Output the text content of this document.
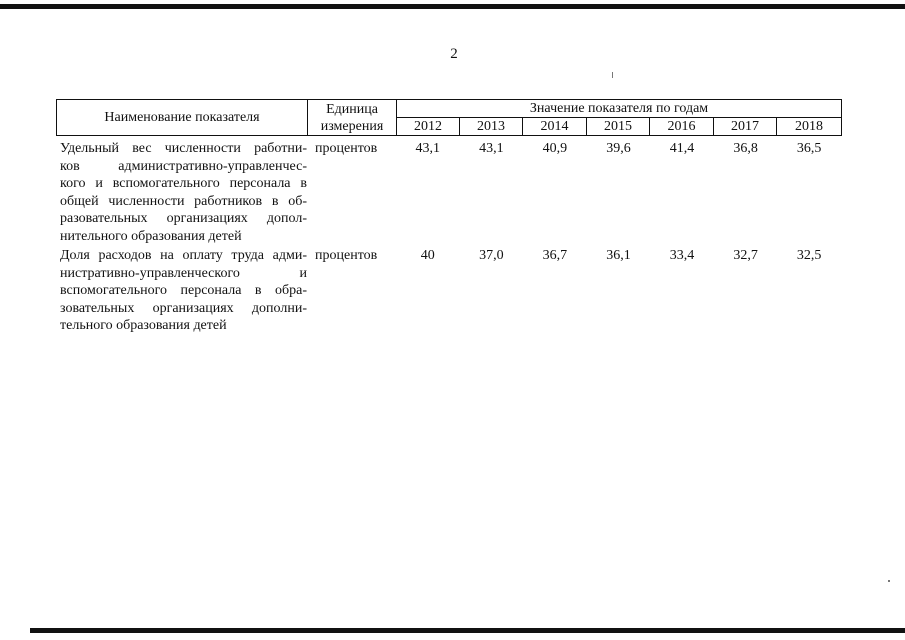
2
Наименование показателя	Единица
измерения	Значение показателя по годам						
		2012	2013	2014	2015	2016	2017	2018
Удельный вес численности работни-
ков административно-управленчес-
кого и вспомогательного персонала в
общей численности работников в об-
разовательных организациях допол-
нительного образования детей
процентов	43,1	43,1	40,9	39,6	41,4	36,8	36,5
Доля расходов на оплату труда адми-
нистративно-управленческого и
вспомогательного персонала в обра-
зовательных организациях дополни-
тельного образования детей
процентов	40	37,0	36,7	36,1	33,4	32,7	32,5
